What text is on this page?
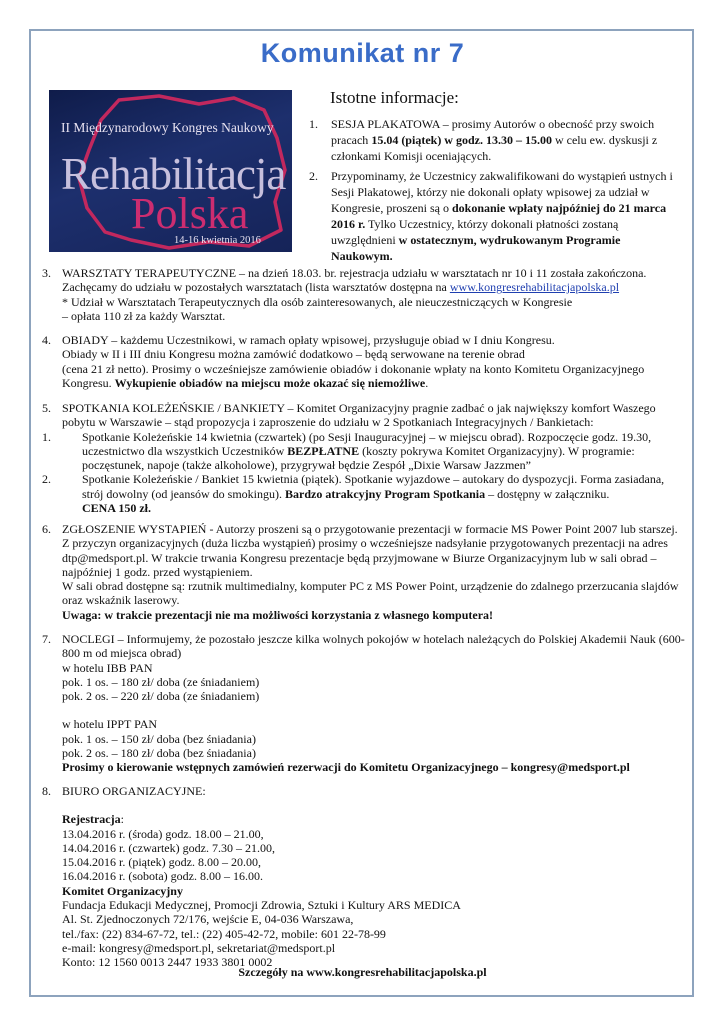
Komunikat nr 7
II Międzynarodowy Kongres Naukowy
Rehabilitacja
Polska
14-16 kwietnia 2016
Istotne informacje:
1. SESJA PLAKATOWA – prosimy Autorów o obecność przy swoich pracach 15.04 (piątek) w godz. 13.30 – 15.00 w celu ew. dyskusji z członkami Komisji oceniających.
2. Przypominamy, że Uczestnicy zakwalifikowani do wystąpień ustnych i Sesji Plakatowej, którzy nie dokonali opłaty wpisowej za udział w Kongresie, proszeni są o dokonanie wpłaty najpóźniej do 21 marca 2016 r. Tylko Uczestnicy, którzy dokonali płatności zostaną uwzględnieni w ostatecznym, wydrukowanym Programie Naukowym.
3. WARSZTATY TERAPEUTYCZNE – na dzień 18.03. br. rejestracja udziału w warsztatach nr 10 i 11 została zakończona.
Zachęcamy do udziału w pozostałych warsztatach (lista warsztatów dostępna na www.kongresrehabilitacjapolska.pl
* Udział w Warsztatach Terapeutycznych dla osób zainteresowanych, ale nieuczestniczących w Kongresie
– opłata 110 zł za każdy Warsztat.
4. OBIADY – każdemu Uczestnikowi, w ramach opłaty wpisowej, przysługuje obiad w I dniu Kongresu.
Obiady w II i III dniu Kongresu można zamówić dodatkowo – będą serwowane na terenie obrad
(cena 21 zł netto). Prosimy o wcześniejsze zamówienie obiadów i dokonanie wpłaty na konto Komitetu Organizacyjnego Kongresu. Wykupienie obiadów na miejscu może okazać się niemożliwe.
5. SPOTKANIA KOLEŻEŃSKIE / BANKIETY – Komitet Organizacyjny pragnie zadbać o jak największy komfort Waszego pobytu w Warszawie – stąd propozycja i zaproszenie do udziału w 2 Spotkaniach Integracyjnych / Bankietach:
1.	Spotkanie Koleżeńskie 14 kwietnia (czwartek) (po Sesji Inauguracyjnej – w miejscu obrad). Rozpoczęcie godz. 19.30, uczestnictwo dla wszystkich Uczestników BEZPŁATNE (koszty pokrywa Komitet Organizacyjny). W programie: poczęstunek, napoje (także alkoholowe), przygrywał będzie Zespół „Dixie Warsaw Jazzmen”
2.	Spotkanie Koleżeńskie / Bankiet 15 kwietnia (piątek). Spotkanie wyjazdowe – autokary do dyspozycji. Forma zasiadana, strój dowolny (od jeansów do smokingu). Bardzo atrakcyjny Program Spotkania – dostępny w załączniku.
CENA 150 zł.
6. ZGŁOSZENIE WYSTAPIEŃ - Autorzy proszeni są o przygotowanie prezentacji w formacie MS Power Point 2007 lub starszej. Z przyczyn organizacyjnych (duża liczba wystąpień) prosimy o wcześniejsze nadsyłanie przygotowanych prezentacji na adres dtp@medsport.pl. W trakcie trwania Kongresu prezentacje będą przyjmowane w Biurze Organizacyjnym lub w sali obrad – najpóźniej 1 godz. przed wystąpieniem.
W sali obrad dostępne są: rzutnik multimedialny, komputer PC z MS Power Point, urządzenie do zdalnego przerzucania slajdów oraz wskaźnik laserowy.
Uwaga: w trakcie prezentacji nie ma możliwości korzystania z własnego komputera!
7. NOCLEGI – Informujemy, że pozostało jeszcze kilka wolnych pokojów w hotelach należących do Polskiej Akademii Nauk (600-800 m od miejsca obrad)
w hotelu IBB PAN
pok. 1 os. – 180 zł/ doba (ze śniadaniem)
pok. 2 os. – 220 zł/ doba (ze śniadaniem)
w hotelu IPPT PAN
pok. 1 os. – 150 zł/ doba (bez śniadania)
pok. 2 os. – 180 zł/ doba (bez śniadania)
Prosimy o kierowanie wstępnych zamówień rezerwacji do Komitetu Organizacyjnego – kongresy@medsport.pl
8. BIURO ORGANIZACYJNE:
Rejestracja:
13.04.2016 r. (środa) godz. 18.00 – 21.00,
14.04.2016 r. (czwartek) godz. 7.30 – 21.00,
15.04.2016 r. (piątek) godz. 8.00 – 20.00,
16.04.2016 r. (sobota) godz. 8.00 – 16.00.
Komitet Organizacyjny
Fundacja Edukacji Medycznej, Promocji Zdrowia, Sztuki i Kultury ARS MEDICA
Al. St. Zjednoczonych 72/176, wejście E, 04-036 Warszawa,
tel./fax: (22) 834-67-72, tel.: (22) 405-42-72, mobile: 601 22-78-99
e-mail: kongresy@medsport.pl, sekretariat@medsport.pl
Konto: 12 1560 0013 2447 1933 3801 0002
Szczegóły na www.kongresrehabilitacjapolska.pl
